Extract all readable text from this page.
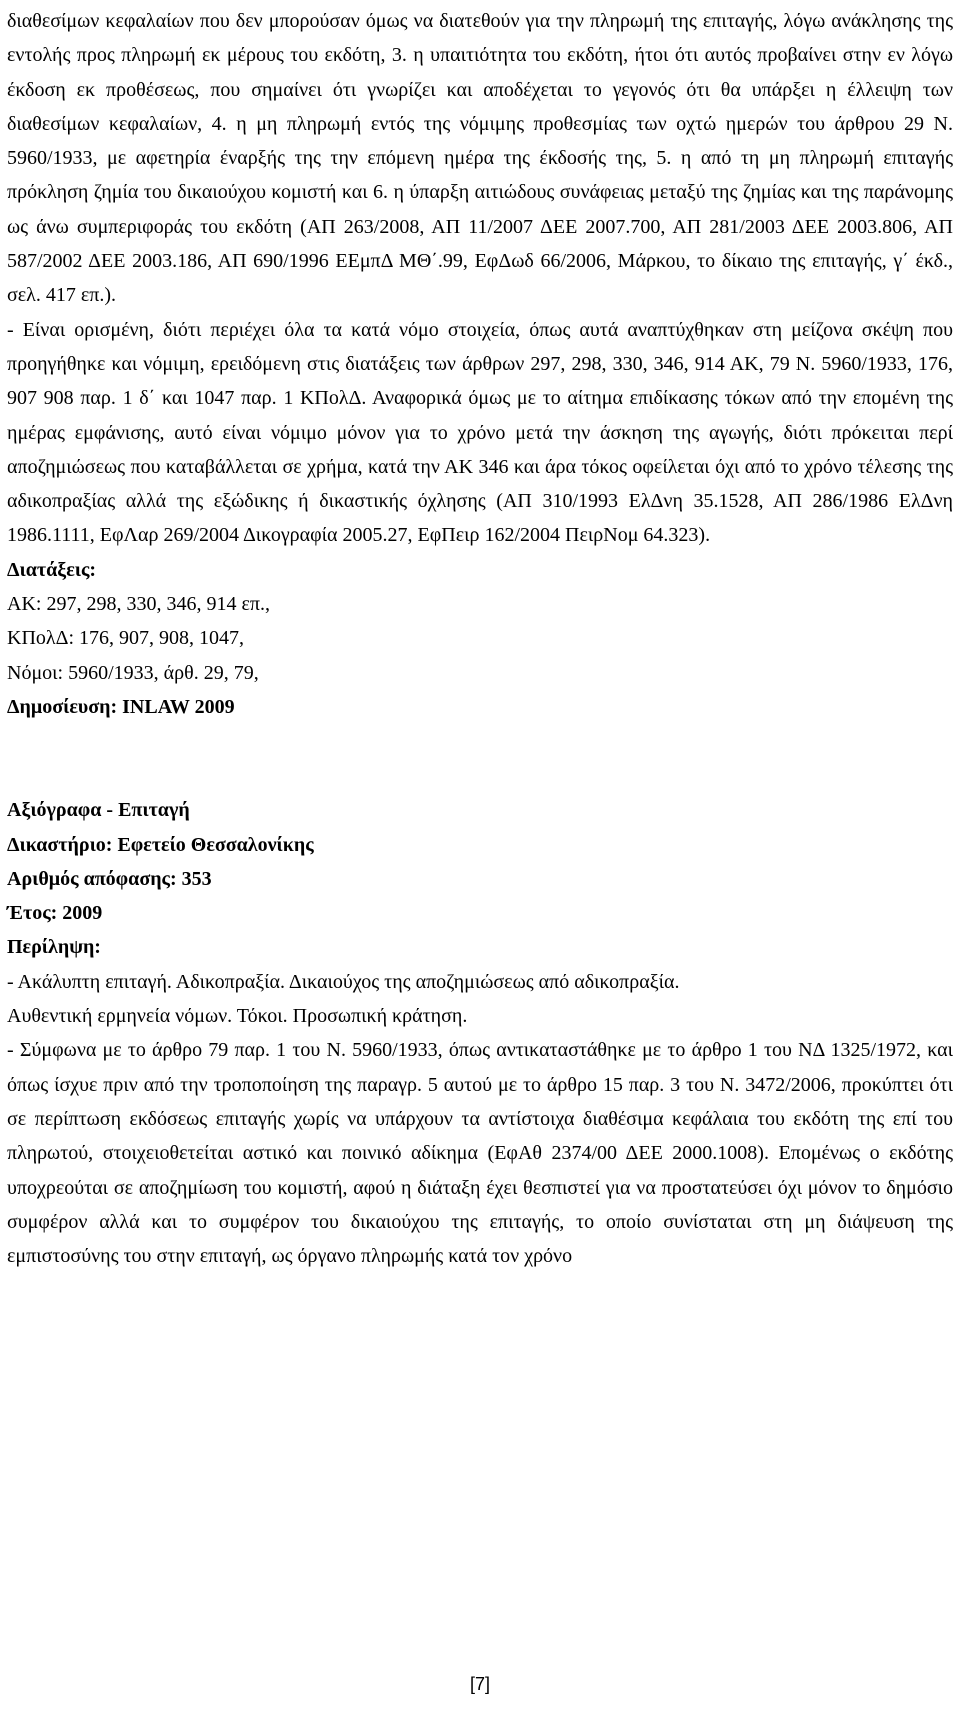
διαθεσίμων κεφαλαίων που δεν μπορούσαν όμως να διατεθούν για την πληρωμή της επιταγής, λόγω ανάκλησης της εντολής προς πληρωμή εκ μέρους του εκδότη, 3. η υπαιτιότητα του εκδότη, ήτοι ότι αυτός προβαίνει στην εν λόγω έκδοση εκ προθέσεως, που σημαίνει ότι γνωρίζει και αποδέχεται το γεγονός ότι θα υπάρξει η έλλειψη των διαθεσίμων κεφαλαίων, 4. η μη πληρωμή εντός της νόμιμης προθεσμίας των οχτώ ημερών του άρθρου 29 Ν. 5960/1933, με αφετηρία έναρξής της την επόμενη ημέρα της έκδοσής της, 5. η από τη μη πληρωμή επιταγής πρόκληση ζημία του δικαιούχου κομιστή και 6. η ύπαρξη αιτιώδους συνάφειας μεταξύ της ζημίας και της παράνομης ως άνω συμπεριφοράς του εκδότη (ΑΠ 263/2008, ΑΠ 11/2007 ΔΕΕ 2007.700, ΑΠ 281/2003 ΔΕΕ 2003.806, ΑΠ 587/2002 ΔΕΕ 2003.186, ΑΠ 690/1996 ΕΕμπΔ ΜΘ΄.99, ΕφΔωδ 66/2006, Μάρκου, το δίκαιο της επιταγής, γ΄ έκδ., σελ. 417 επ.).

- Είναι ορισμένη, διότι περιέχει όλα τα κατά νόμο στοιχεία, όπως αυτά αναπτύχθηκαν στη μείζονα σκέψη που προηγήθηκε και νόμιμη, ερειδόμενη στις διατάξεις των άρθρων 297, 298, 330, 346, 914 ΑΚ, 79 Ν. 5960/1933, 176, 907 908 παρ. 1 δ΄ και 1047 παρ. 1 ΚΠολΔ. Αναφορικά όμως με το αίτημα επιδίκασης τόκων από την επομένη της ημέρας εμφάνισης, αυτό είναι νόμιμο μόνον για το χρόνο μετά την άσκηση της αγωγής, διότι πρόκειται περί αποζημιώσεως που καταβάλλεται σε χρήμα, κατά την ΑΚ 346 και άρα τόκος οφείλεται όχι από το χρόνο τέλεσης της αδικοπραξίας αλλά της εξώδικης ή δικαστικής όχλησης (ΑΠ 310/1993 ΕλΔνη 35.1528, ΑΠ 286/1986 ΕλΔνη 1986.1111, ΕφΛαρ 269/2004 Δικογραφία 2005.27, ΕφΠειρ 162/2004 ΠειρΝομ 64.323).

Διατάξεις:

ΑΚ: 297, 298, 330, 346, 914 επ.,

ΚΠολΔ: 176, 907, 908, 1047,

Νόμοι: 5960/1933, άρθ. 29, 79,

Δημοσίευση: INLAW 2009

Αξιόγραφα - Επιταγή

Δικαστήριο: Εφετείο Θεσσαλονίκης

Αριθμός απόφασης: 353

Έτος: 2009

Περίληψη:

- Ακάλυπτη επιταγή. Αδικοπραξία. Δικαιούχος της αποζημιώσεως από αδικοπραξία.

Αυθεντική ερμηνεία νόμων. Τόκοι. Προσωπική κράτηση.

- Σύμφωνα με το άρθρο 79 παρ. 1 του Ν. 5960/1933, όπως αντικαταστάθηκε με το άρθρο 1 του ΝΔ 1325/1972, και όπως ίσχυε πριν από την τροποποίηση της παραγρ. 5 αυτού με το άρθρο 15 παρ. 3 του Ν. 3472/2006, προκύπτει ότι σε περίπτωση εκδόσεως επιταγής χωρίς να υπάρχουν τα αντίστοιχα διαθέσιμα κεφάλαια του εκδότη της επί του πληρωτού, στοιχειοθετείται αστικό και ποινικό αδίκημα (ΕφΑθ 2374/00 ΔΕΕ 2000.1008). Επομένως ο εκδότης υποχρεούται σε αποζημίωση του κομιστή, αφού η διάταξη έχει θεσπιστεί για να προστατεύσει όχι μόνον το δημόσιο συμφέρον αλλά και το συμφέρον του δικαιούχου της επιταγής, το οποίο συνίσταται στη μη διάψευση της εμπιστοσύνης του στην επιταγή, ως όργανο πληρωμής κατά τον χρόνο

[7]
